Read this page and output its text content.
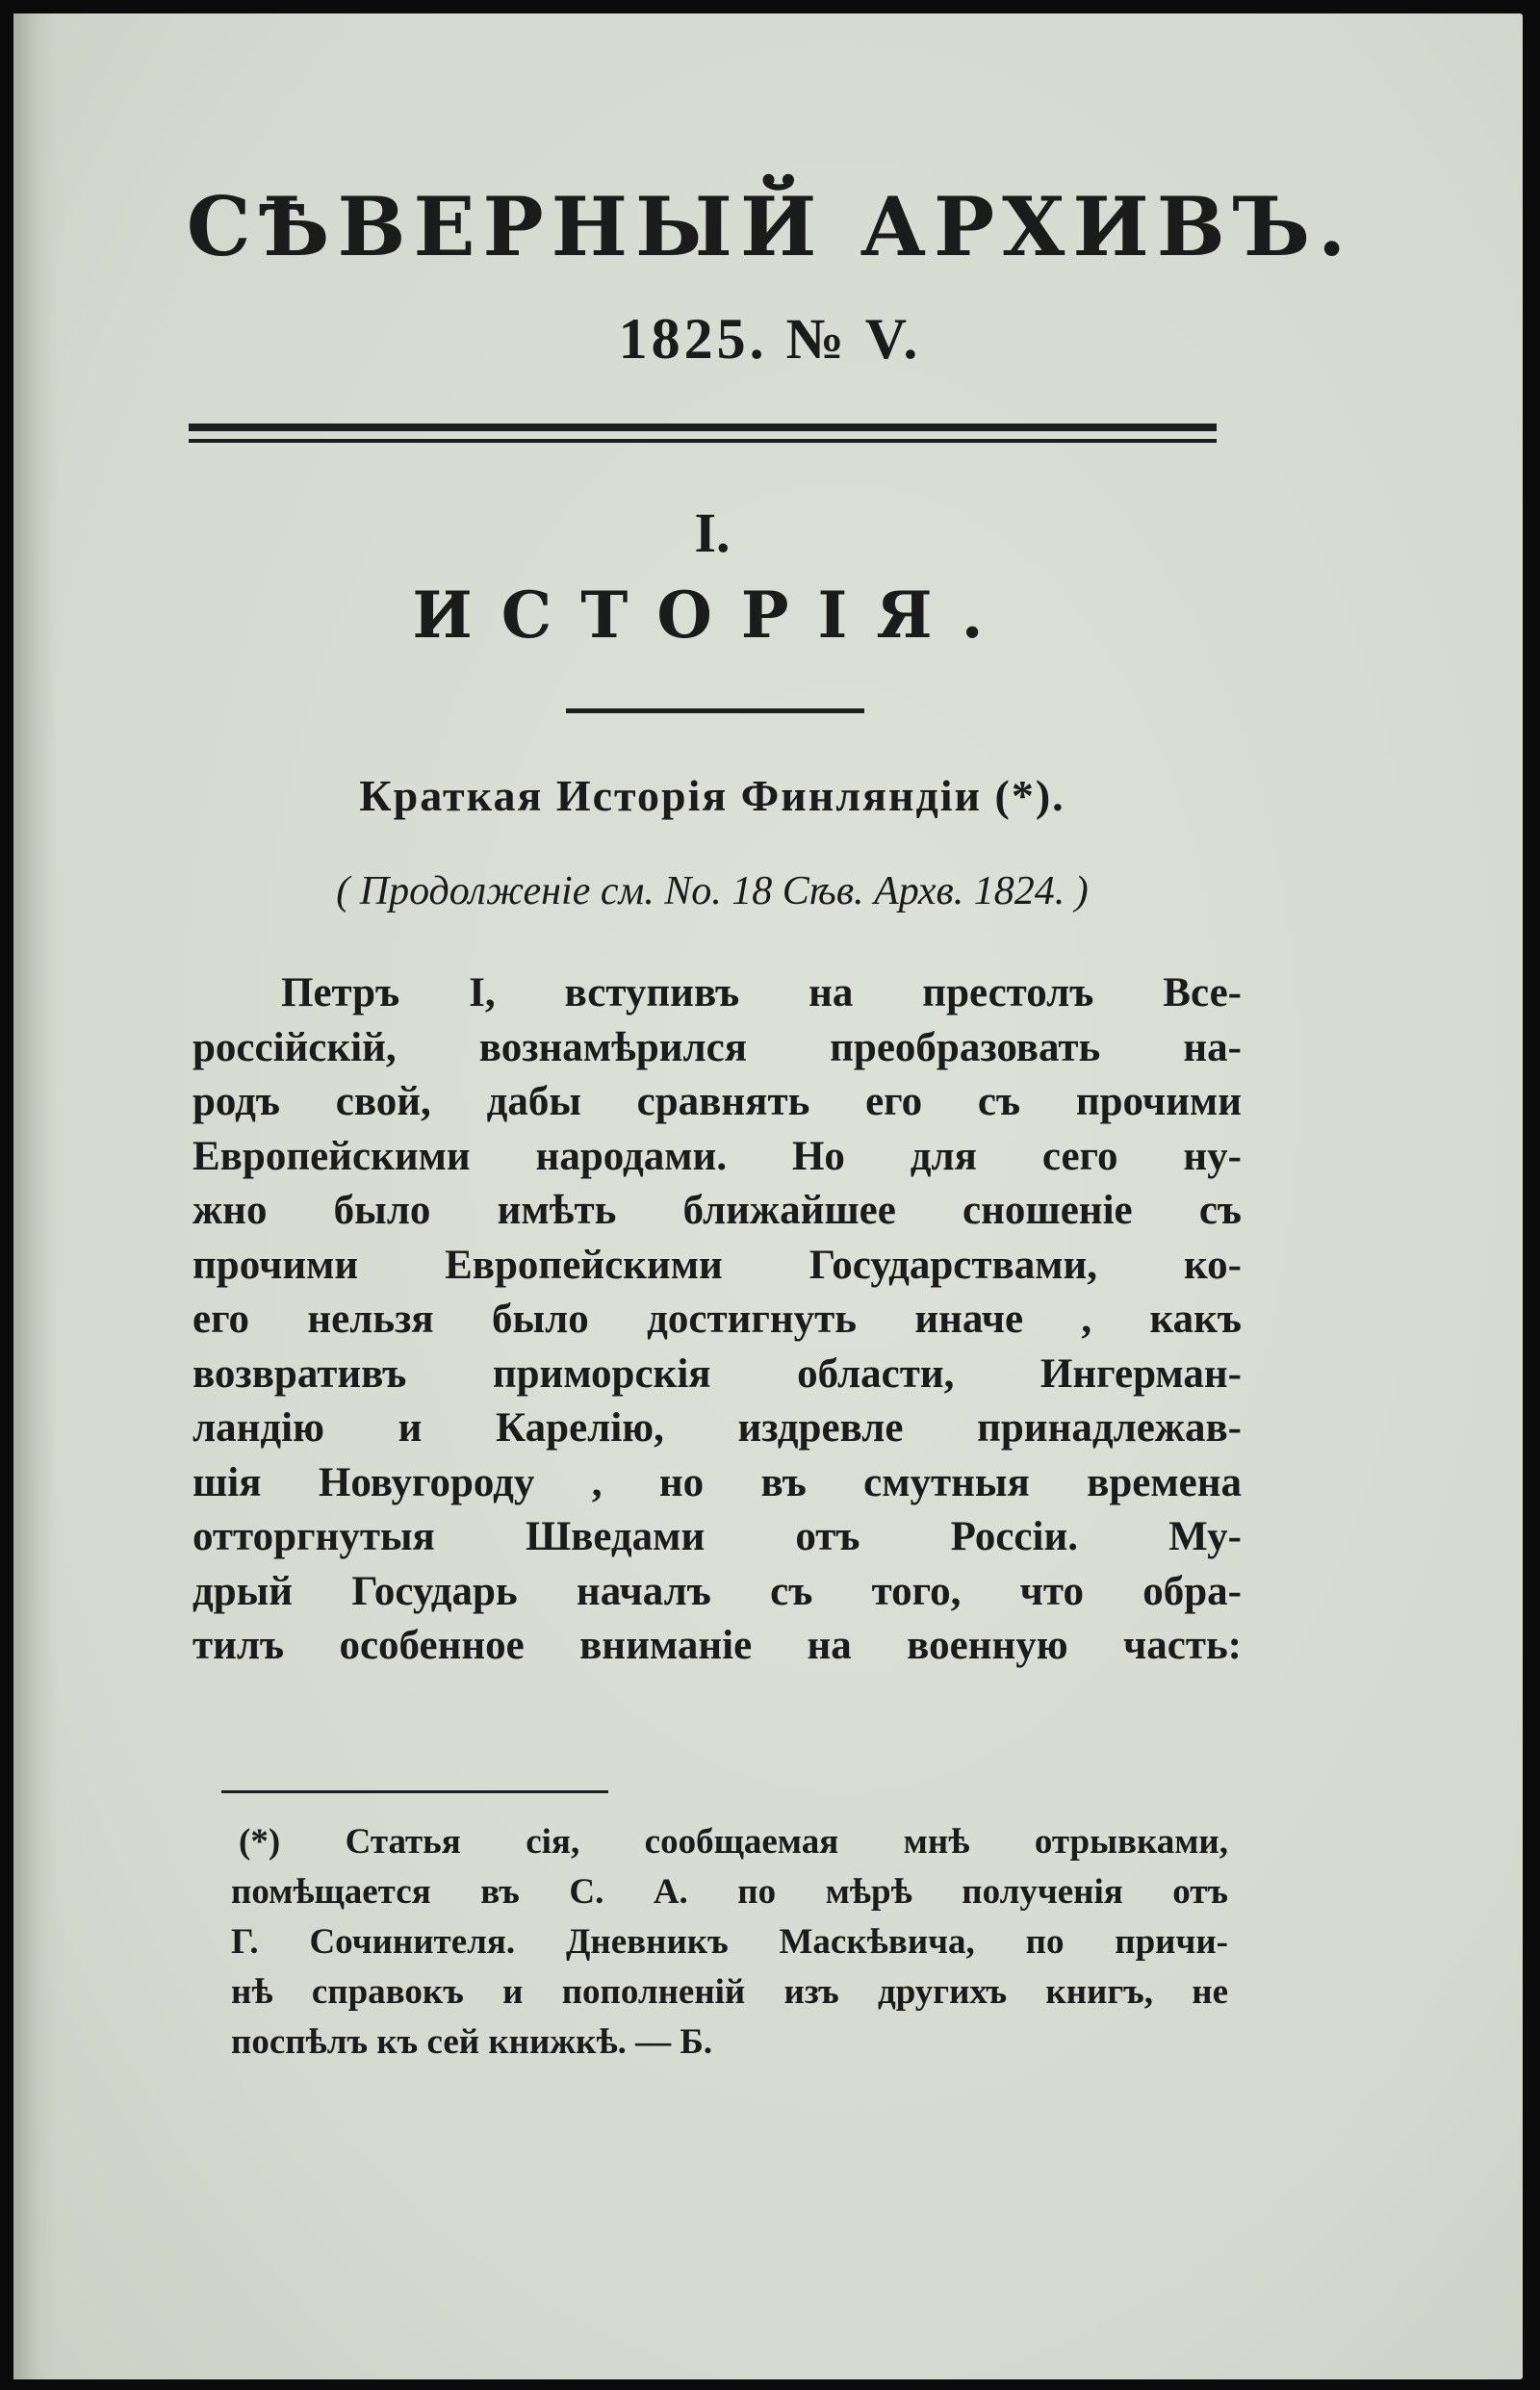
СѢВЕРНЫЙ АРХИВЪ.
1825. № V.
I.
ИСТОРІЯ.
Краткая Исторія Финляндіи (*).
( Продолженіе см. No. 18 Сѣв. Архв. 1824. )
Петръ I, вступивъ на престолъ Все-
россійскій, вознамѣрился преобразовать на-
родъ свой, дабы сравнять его съ прочими
Европейскими народами. Но для сего ну-
жно было имѣть ближайшее сношеніе съ
прочими Европейскими Государствами, ко-
его нельзя было достигнуть иначе , какъ
возвративъ приморскія области, Ингерман-
ландію и Карелію, издревле принадлежав-
шія Новугороду , но въ смутныя времена
отторгнутыя Шведами отъ Россіи. Му-
дрый Государь началъ съ того, что обра-
тилъ особенное вниманіе на военную часть:
(*) Статья сія, сообщаемая мнѣ отрывками,
помѣщается въ С. А. по мѣрѣ полученія отъ
Г. Сочинителя. Дневникъ Маскѣвича, по причи-
нѣ справокъ и пополненій изъ другихъ книгъ, не
поспѣлъ къ сей книжкѣ. — Б.
